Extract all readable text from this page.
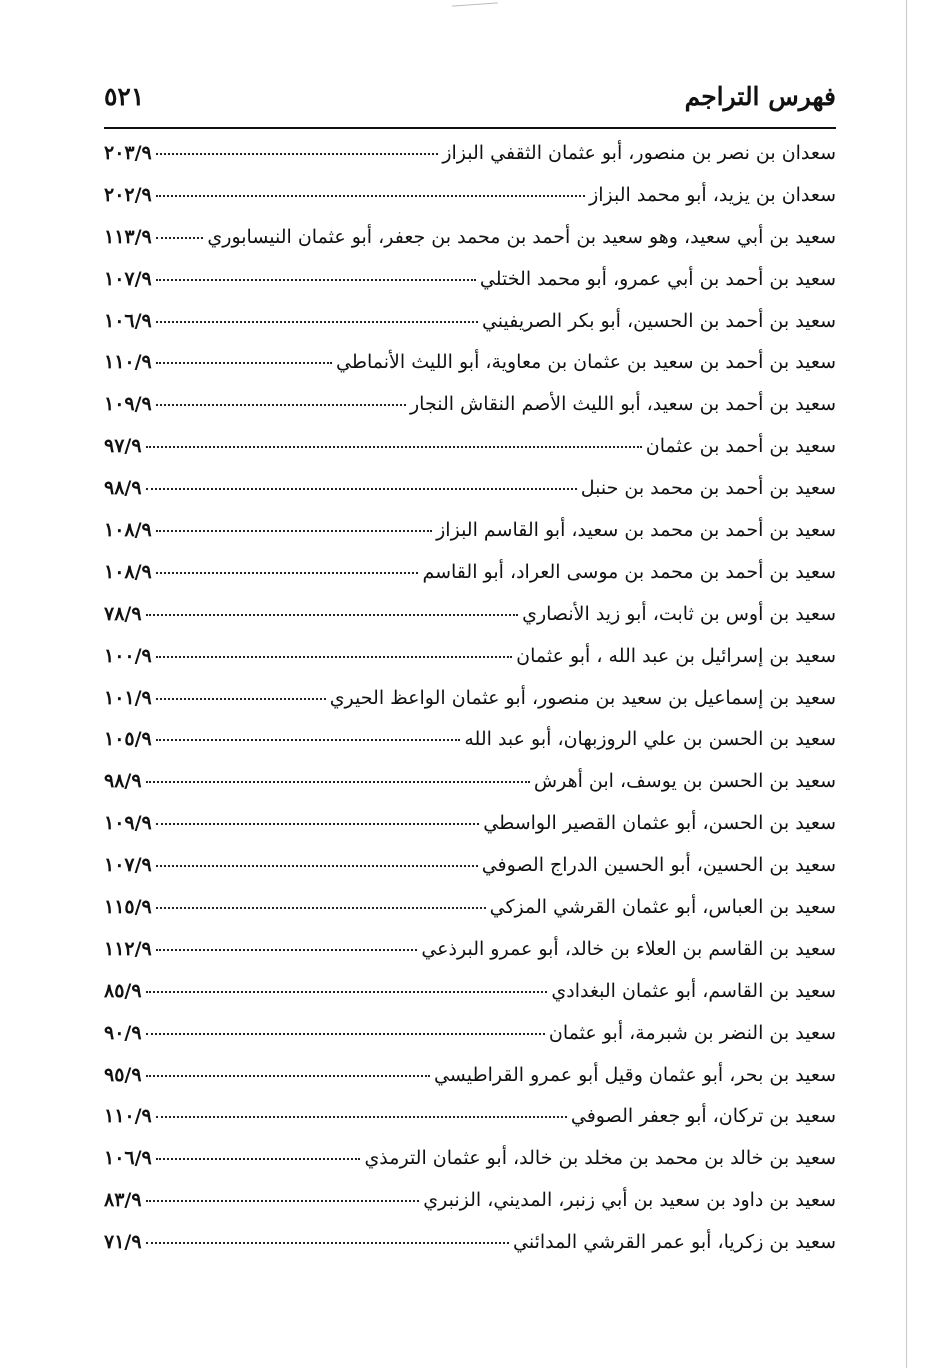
٥٢١	فهرس التراجم
سعدان بن نصر بن منصور، أبو عثمان الثقفي البزاز
٢٠٣/٩
سعدان بن يزيد، أبو محمد البزاز
٢٠٢/٩
سعيد بن أبي سعيد، وهو سعيد بن أحمد بن محمد بن جعفر، أبو عثمان النيسابوري
١١٣/٩
سعيد بن أحمد بن أبي عمرو، أبو محمد الختلي
١٠٧/٩
سعيد بن أحمد بن الحسين، أبو بكر الصريفيني
١٠٦/٩
سعيد بن أحمد بن سعيد بن عثمان بن معاوية، أبو الليث الأنماطي
١١٠/٩
سعيد بن أحمد بن سعيد، أبو الليث الأصم النقاش النجار
١٠٩/٩
سعيد بن أحمد بن عثمان
٩٧/٩
سعيد بن أحمد بن محمد بن حنبل
٩٨/٩
سعيد بن أحمد بن محمد بن سعيد، أبو القاسم البزاز
١٠٨/٩
سعيد بن أحمد بن محمد بن موسى العراد، أبو القاسم
١٠٨/٩
سعيد بن أوس بن ثابت، أبو زيد الأنصاري
٧٨/٩
سعيد بن إسرائيل بن عبد الله ، أبو عثمان
١٠٠/٩
سعيد بن إسماعيل بن سعيد بن منصور، أبو عثمان الواعظ الحيري
١٠١/٩
سعيد بن الحسن بن علي الروزبهان، أبو عبد الله
١٠٥/٩
سعيد بن الحسن بن يوسف، ابن أهرش
٩٨/٩
سعيد بن الحسن، أبو عثمان القصير الواسطي
١٠٩/٩
سعيد بن الحسين، أبو الحسين الدراج الصوفي
١٠٧/٩
سعيد بن العباس، أبو عثمان القرشي المزكي
١١٥/٩
سعيد بن القاسم بن العلاء بن خالد، أبو عمرو البرذعي
١١٢/٩
سعيد بن القاسم، أبو عثمان البغدادي
٨٥/٩
سعيد بن النضر بن شبرمة، أبو عثمان
٩٠/٩
سعيد بن بحر، أبو عثمان وقيل أبو عمرو القراطيسي
٩٥/٩
سعيد بن تركان، أبو جعفر الصوفي
١١٠/٩
سعيد بن خالد بن محمد بن مخلد بن خالد، أبو عثمان الترمذي
١٠٦/٩
سعيد بن داود بن سعيد بن أبي زنبر، المديني، الزنبري
٨٣/٩
سعيد بن زكريا، أبو عمر القرشي المدائني
٧١/٩
